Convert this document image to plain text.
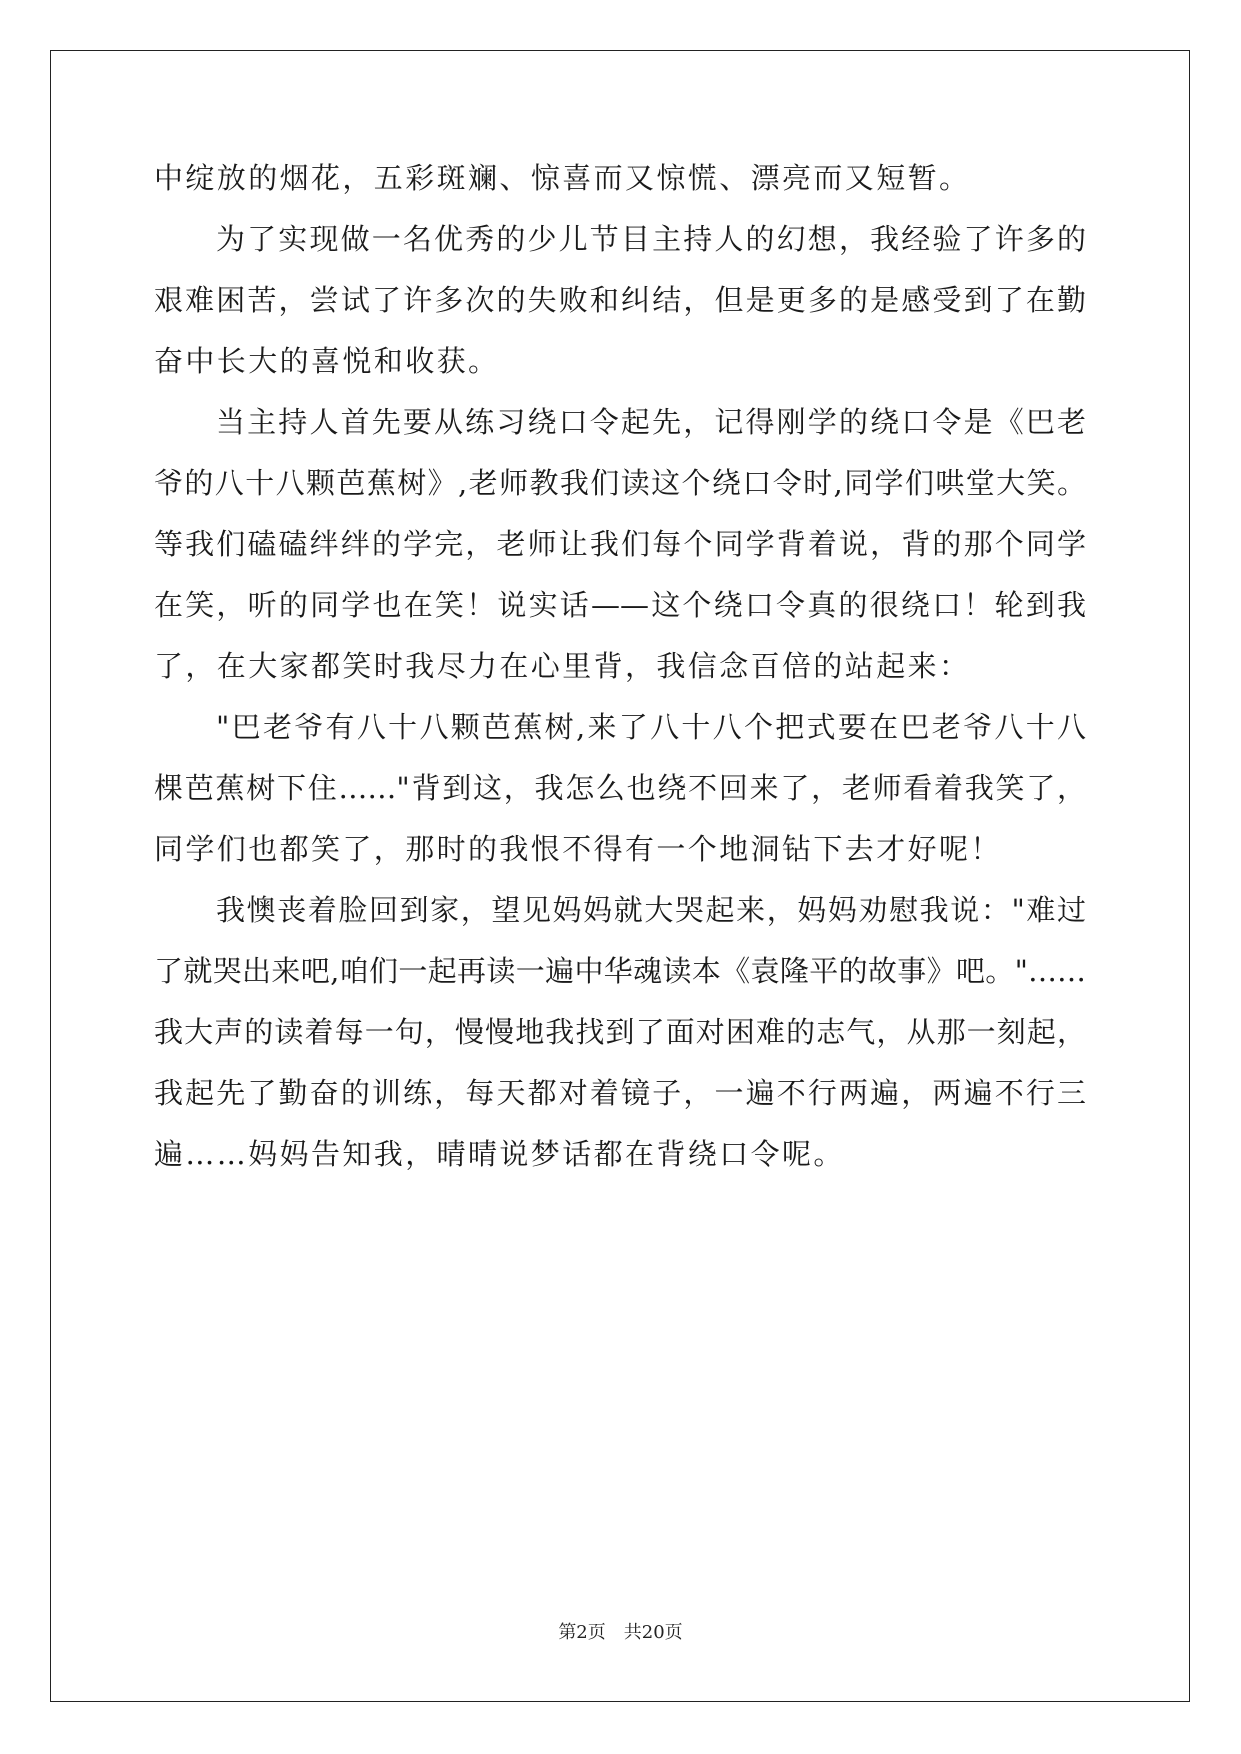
中绽放的烟花，五彩斑斓、惊喜而又惊慌、漂亮而又短暂。
为了实现做一名优秀的少儿节目主持人的幻想，我经验了许多的
艰难困苦，尝试了许多次的失败和纠结，但是更多的是感受到了在勤
奋中长大的喜悦和收获。
当主持人首先要从练习绕口令起先，记得刚学的绕口令是《巴老
爷的八十八颗芭蕉树》,老师教我们读这个绕口令时,同学们哄堂大笑。
等我们磕磕绊绊的学完，老师让我们每个同学背着说，背的那个同学
在笑，听的同学也在笑！说实话——这个绕口令真的很绕口！轮到我
了，在大家都笑时我尽力在心里背，我信念百倍的站起来：
"巴老爷有八十八颗芭蕉树,来了八十八个把式要在巴老爷八十八
棵芭蕉树下住……"背到这，我怎么也绕不回来了，老师看着我笑了，
同学们也都笑了，那时的我恨不得有一个地洞钻下去才好呢！
我懊丧着脸回到家，望见妈妈就大哭起来，妈妈劝慰我说："难过
了就哭出来吧,咱们一起再读一遍中华魂读本《袁隆平的故事》吧。"……
我大声的读着每一句，慢慢地我找到了面对困难的志气，从那一刻起，
我起先了勤奋的训练，每天都对着镜子，一遍不行两遍，两遍不行三
遍……妈妈告知我，晴晴说梦话都在背绕口令呢。
第2页 共20页
